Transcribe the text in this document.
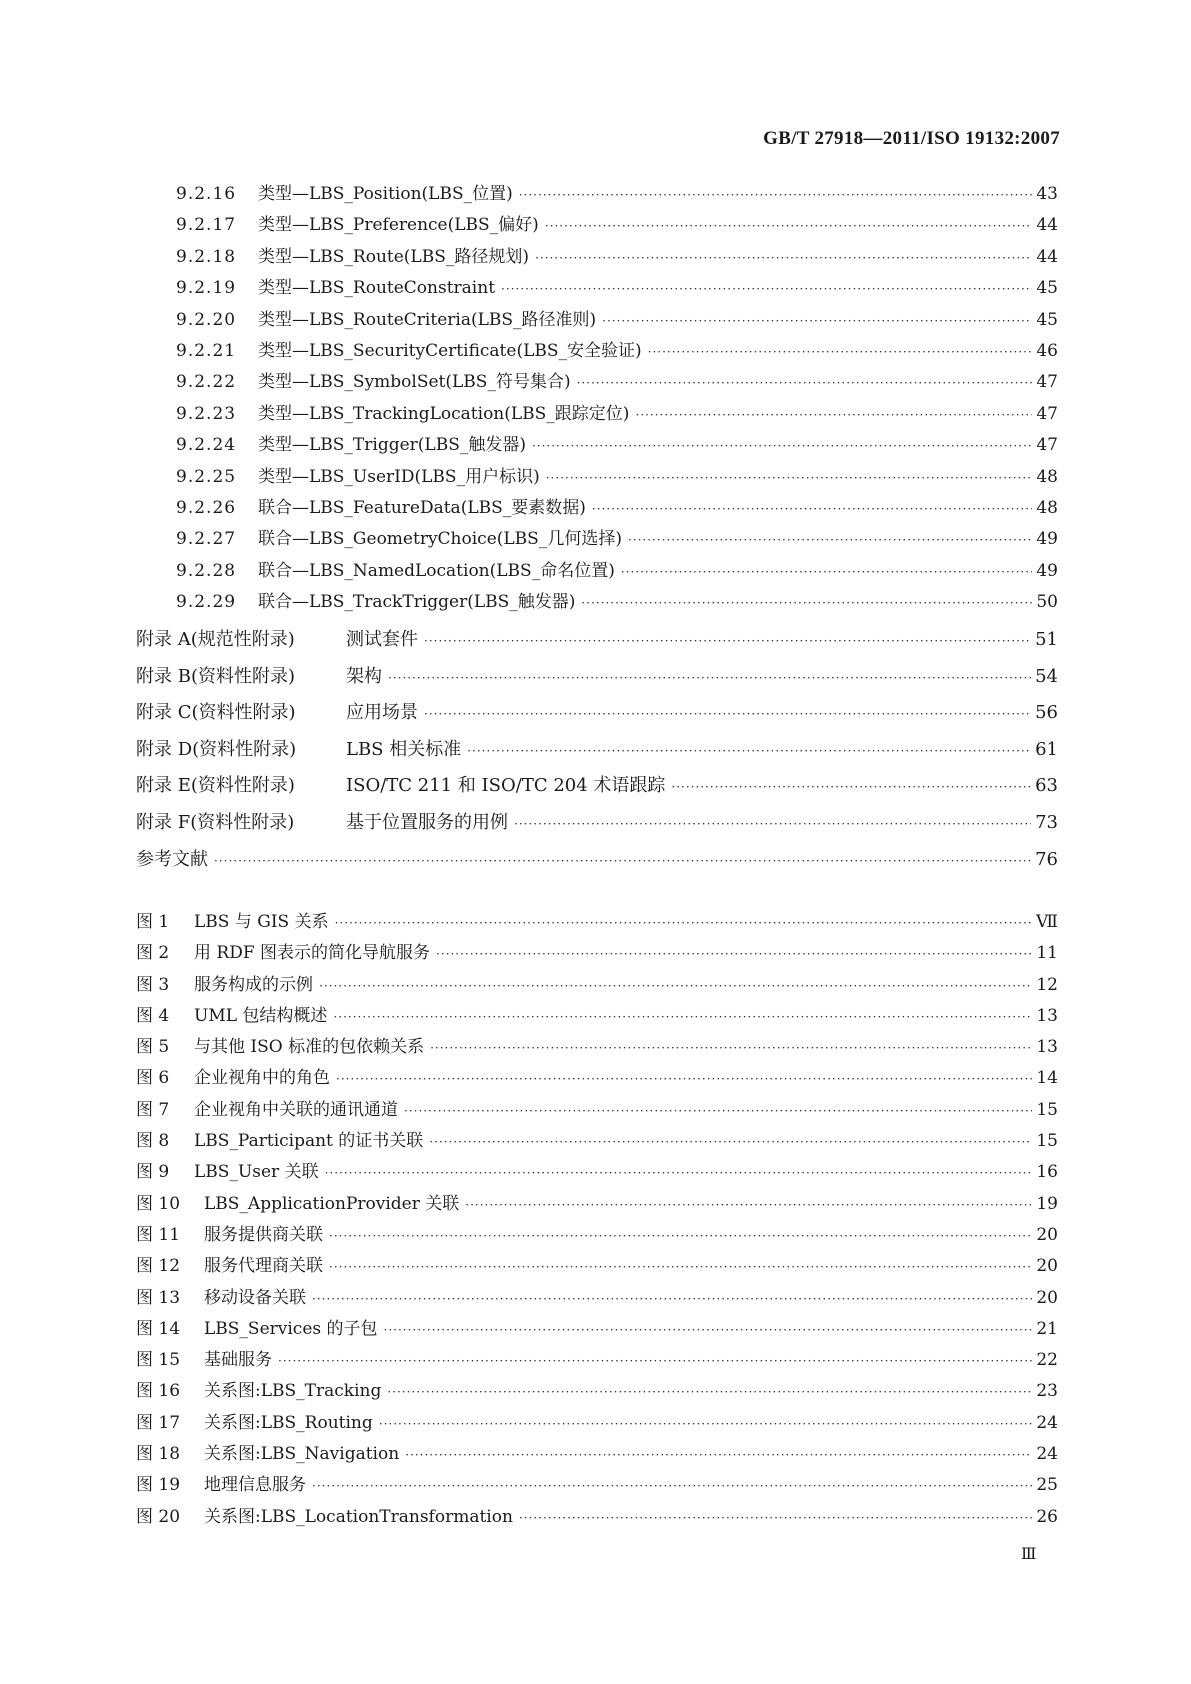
GB/T 27918—2011/ISO 19132:2007
9.2.16	类型—LBS_Position(LBS_位置) ·····	43
9.2.17	类型—LBS_Preference(LBS_偏好) ·····	44
9.2.18	类型—LBS_Route(LBS_路径规划) ·····	44
9.2.19	类型—LBS_RouteConstraint ·····	45
9.2.20	类型—LBS_RouteCriteria(LBS_路径准则) ·····	45
9.2.21	类型—LBS_SecurityCertificate(LBS_安全验证) ·····	46
9.2.22	类型—LBS_SymbolSet(LBS_符号集合) ·····	47
9.2.23	类型—LBS_TrackingLocation(LBS_跟踪定位) ·····	47
9.2.24	类型—LBS_Trigger(LBS_触发器) ·····	47
9.2.25	类型—LBS_UserID(LBS_用户标识) ·····	48
9.2.26	联合—LBS_FeatureData(LBS_要素数据) ·····	48
9.2.27	联合—LBS_GeometryChoice(LBS_几何选择) ·····	49
9.2.28	联合—LBS_NamedLocation(LBS_命名位置) ·····	49
9.2.29	联合—LBS_TrackTrigger(LBS_触发器) ·····	50
附录 A(规范性附录)	测试套件 ·····	51
附录 B(资料性附录)	架构 ·····	54
附录 C(资料性附录)	应用场景 ·····	56
附录 D(资料性附录)	LBS 相关标准 ·····	61
附录 E(资料性附录)	ISO/TC 211 和 ISO/TC 204 术语跟踪 ·····	63
附录 F(资料性附录)	基于位置服务的用例 ·····	73
参考文献 ·····	76
图 1	LBS 与 GIS 关系 ·····	Ⅶ
图 2	用 RDF 图表示的简化导航服务 ·····	11
图 3	服务构成的示例 ·····	12
图 4	UML 包结构概述 ·····	13
图 5	与其他 ISO 标准的包依赖关系 ·····	13
图 6	企业视角中的角色 ·····	14
图 7	企业视角中关联的通讯通道 ·····	15
图 8	LBS_Participant 的证书关联 ·····	15
图 9	LBS_User 关联 ·····	16
图 10	LBS_ApplicationProvider 关联 ·····	19
图 11	服务提供商关联 ·····	20
图 12	服务代理商关联 ·····	20
图 13	移动设备关联 ·····	20
图 14	LBS_Services 的子包 ·····	21
图 15	基础服务 ·····	22
图 16	关系图:LBS_Tracking ·····	23
图 17	关系图:LBS_Routing ·····	24
图 18	关系图:LBS_Navigation ·····	24
图 19	地理信息服务 ·····	25
图 20	关系图:LBS_LocationTransformation ·····	26
Ⅲ
